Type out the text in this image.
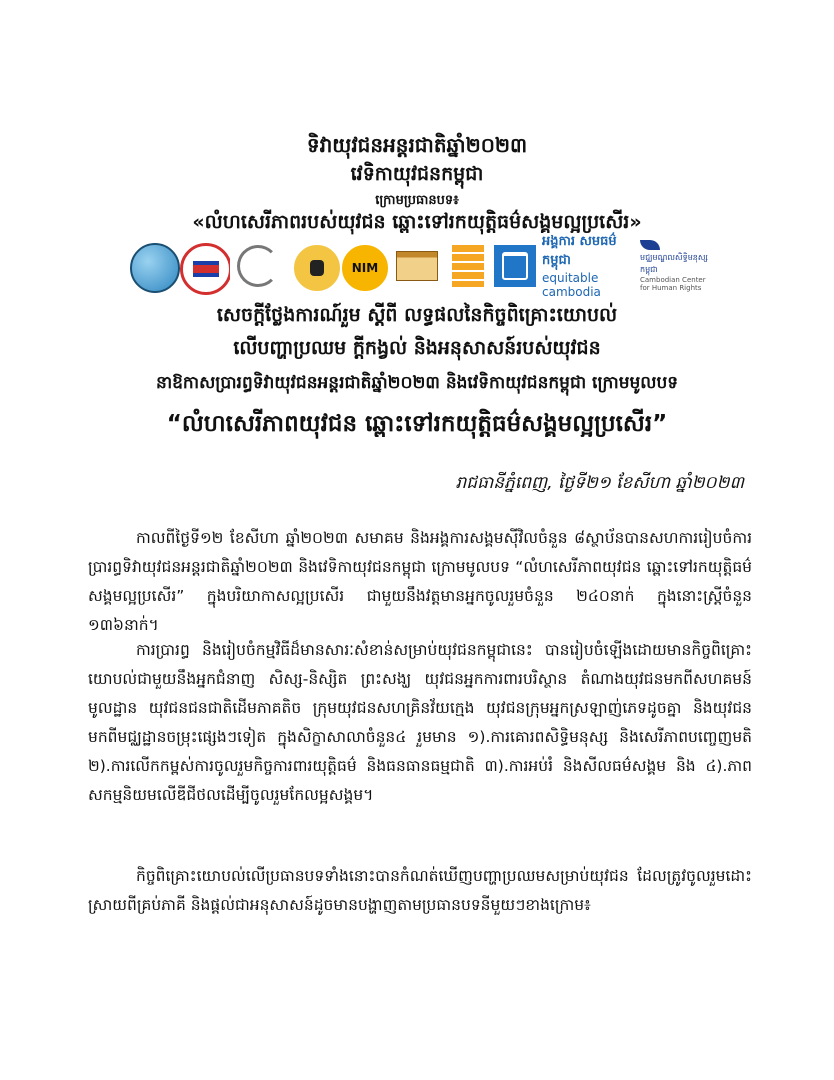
ទិវាយុវជនអន្តរជាតិឆ្នាំ២០២៣
វេទិកាយុវជនកម្ពុជា
ក្រោមប្រធានបទ៖
«លំហសេរីភាពរបស់យុវជន ឆ្ពោះទៅរកយុត្តិធម៌សង្គមល្អប្រសើរ»
NIM
អង្គការ សមធម៌កម្ពុជា
equitable cambodia
មជ្ឈមណ្ឌលសិទ្ធិមនុស្សកម្ពុជា
Cambodian Center for Human Rights
សេចក្ដីថ្លែងការណ៍រួម ស្តីពី លទ្ធផលនៃកិច្ចពិគ្រោះយោបល់
លើបញ្ហាប្រឈម ក្ដីកង្វល់ និងអនុសាសន៍របស់យុវជន
នាឱកាសប្រារព្ធទិវាយុវជនអន្តរជាតិឆ្នាំ២០២៣ និងវេទិកាយុវជនកម្ពុជា ក្រោមមូលបទ
“លំហសេរីភាពយុវជន ឆ្ពោះទៅរកយុត្តិធម៌សង្គមល្អប្រសើរ”
រាជធានីភ្នំពេញ, ថ្ងៃទី២១ ខែសីហា ឆ្នាំ២០២៣

កាលពីថ្ងៃទី១២ ខែសីហា ឆ្នាំ២០២៣ សមាគម និងអង្គការសង្គមស៊ីវិលចំនួន ៨ស្ថាប័នបានសហការរៀបចំការប្រារព្ធទិវាយុវជនអន្តរជាតិឆ្នាំ២០២៣ និងវេទិកាយុវជនកម្ពុជា ក្រោមមូលបទ “លំហសេរីភាពយុវជន ឆ្ពោះទៅរកយុត្តិធម៌សង្គមល្អប្រសើរ” ក្នុងបរិយាកាសល្អប្រសើរ ជាមួយនឹងវត្តមានអ្នកចូលរួមចំនួន ២៤០នាក់ ក្នុងនោះស្ត្រីចំនួន ១៣៦នាក់។

ការប្រារព្ធ និងរៀបចំកម្មវិធីដ៏មានសារៈសំខាន់សម្រាប់យុវជនកម្ពុជានេះ បានរៀបចំឡើងដោយមានកិច្ចពិគ្រោះយោបល់ជាមួយនឹងអ្នកជំនាញ សិស្ស-និស្សិត ព្រះសង្ឃ យុវជនអ្នកការពារបរិស្ថាន តំណាងយុវជនមកពីសហគមន៍មូលដ្ឋាន យុវជនជនជាតិដើមភាគតិច ក្រុមយុវជនសហគ្រិនវ័យក្មេង យុវជនក្រុមអ្នកស្រឡាញ់ភេទដូចគ្នា និងយុវជនមកពីមជ្ឈដ្ឋានចម្រុះផ្សេងៗទៀត ក្នុងសិក្ខាសាលាចំនួន៤ រួមមាន ១).ការគោរពសិទ្ធិមនុស្ស និងសេរីភាពបញ្ចេញមតិ ២).ការលើកកម្ពស់ការចូលរួមកិច្ចការពារយុត្តិធម៌ និងធនធានធម្មជាតិ ៣).ការអប់រំ និងសីលធម៌សង្គម និង ៤).ភាពសកម្មនិយមលើឌីជីថលដើម្បីចូលរួមកែលម្អសង្គម។

កិច្ចពិគ្រោះយោបល់លើប្រធានបទទាំងនោះបានកំណត់ឃើញបញ្ហាប្រឈមសម្រាប់យុវជន ដែលត្រូវចូលរួមដោះស្រាយពីគ្រប់ភាគី និងផ្តល់ជាអនុសាសន៍ដូចមានបង្ហាញតាមប្រធានបទនីមួយៗខាងក្រោម៖
